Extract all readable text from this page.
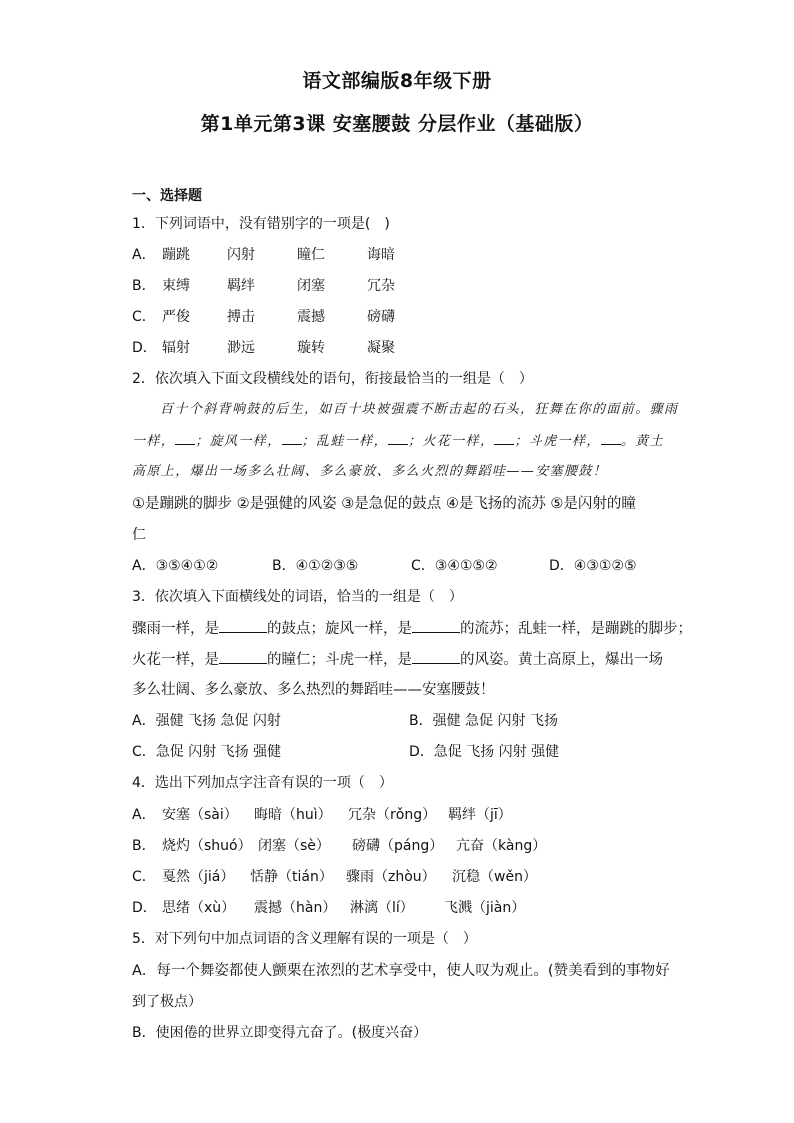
语文部编版8年级下册
第1单元第3课 安塞腰鼓 分层作业（基础版）
一、选择题
1．下列词语中，没有错别字的一项是(　)
A． 蹦跳	闪射	瞳仁	诲暗
B． 束缚	羁绊	闭塞	冗杂
C． 严俊	搏击	震撼	磅礴
D． 辐射	渺远	璇转	凝聚
2．依次填入下面文段横线处的语句，衔接最恰当的一组是（　）
百十个斜背响鼓的后生，如百十块被强震不断击起的石头，狂舞在你的面前。骤雨
一样， ；旋风一样， ；乱蛙一样， ；火花一样， ；斗虎一样， 。黄土
高原上，爆出一场多么壮阔、多么豪放、多么火烈的舞蹈哇——安塞腰鼓！
①是蹦跳的脚步 ②是强健的风姿 ③是急促的鼓点 ④是飞扬的流苏 ⑤是闪射的瞳
仁
A．③⑤④①②	B．④①②③⑤	C．③④①⑤②	D．④③①②⑤
3．依次填入下面横线处的词语，恰当的一组是（　）
骤雨一样，是	的鼓点；旋风一样，是	的流苏；乱蛙一样，是蹦跳的脚步；
火花一样，是	的瞳仁；斗虎一样，是	的风姿。黄土高原上，爆出一场
多么壮阔、多么豪放、多么热烈的舞蹈哇——安塞腰鼓！
A．强健 飞扬 急促 闪射	B．强健 急促 闪射 飞扬
C．急促 闪射 飞扬 强健	D．急促 飞扬 闪射 强健
4．选出下列加点字注音有误的一项（　）
A． 安塞（sài） 晦暗（huì） 冗杂（rǒng） 羁绊（jī）
B． 烧灼（shuó） 闭塞（sè） 磅礴（páng） 亢奋（kàng）
C． 戛然（jiá） 恬静（tián） 骤雨（zhòu） 沉稳（wěn）
D． 思绪（xù） 震撼（hàn） 淋漓（lí） 飞溅（jiàn）
5．对下列句中加点词语的含义理解有误的一项是（　）
A．每一个舞姿都使人颤栗在浓烈的艺术享受中，使人叹为观止。(赞美看到的事物好
到了极点）
B．使困倦的世界立即变得亢奋了。(极度兴奋）
